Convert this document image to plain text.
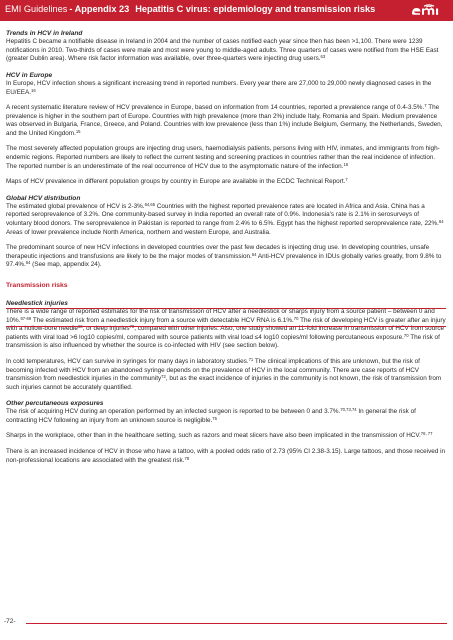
EMI Guidelines - Appendix 23 Hepatitis C virus: epidemiology and transmission risks
Trends in HCV in Ireland

Hepatitis C became a notifiable disease in Ireland in 2004 and the number of cases notified each year since then has been >1,100. There were 1239 notifications in 2010. Two-thirds of cases were male and most were young to middle-aged adults. Three quarters of cases were notified from the HSE East (greater Dublin area). Where risk factor information was available, over three-quarters were injecting drug users.$^{63}$

HCV in Europe

In Europe, HCV infection shows a significant increasing trend in reported numbers. Every year there are 27,000 to 29,000 newly diagnosed cases in the EU/EEA.$^{16}$

A recent systematic literature review of HCV prevalence in Europe, based on information from 14 countries, reported a prevalence range of 0.4-3.5%.$^7$ The prevalence is higher in the southern part of Europe. Countries with high prevalence (more than 2%) include Italy, Romania and Spain. Medium prevalence was observed in Bulgaria, France, Greece, and Poland. Countries with low prevalence (less than 1%) include Belgium, Germany, the Netherlands, Sweden, and the United Kingdom.$^{15}$

The most severely affected population groups are injecting drug users, haemodialysis patients, persons living with HIV, inmates, and immigrants from high-endemic regions. Reported numbers are likely to reflect the current testing and screening practices in countries rather than the real incidence of infection. The reported number is an underestimate of the real occurrence of HCV due to the asymptomatic nature of the infection.$^{16}$

Maps of HCV prevalence in different population groups by country in Europe are available in the ECDC Technical Report.$^7$

Global HCV distribution

The estimated global prevalence of HCV is 2-3%.$^{64,65}$ Countries with the highest reported prevalence rates are located in Africa and Asia. China has a reported seroprevalence of 3.2%. One community-based survey in India reported an overall rate of 0.9%. Indonesia's rate is 2.1% in serosurveys of voluntary blood donors. The seroprevalence in Pakistan is reported to range from 2.4% to 6.5%. Egypt has the highest reported seroprevalence rate, 22%.$^{64}$ Areas of lower prevalence include North America, northern and western Europe, and Australia.

The predominant source of new HCV infections in developed countries over the past few decades is injecting drug use. In developing countries, unsafe therapeutic injections and transfusions are likely to be the major modes of transmission.$^{64}$ Anti-HCV prevalence in IDUs globally varies greatly, from 9.8% to 97.4%.$^{64}$ (See map, appendix 24).

Transmission risks
Needlestick injuries

There is a wide range of reported estimates for the risk of transmission of HCV after a needlestick or sharps injury from a source patient – between 0 and 10%.$^{67-69}$ The estimated risk from a needlestick injury from a source with detectable HCV RNA is 6.1%.$^{70}$ The risk of developing HCV is greater after an injury with a hollow-bore needle$^{68}$, or deep injuries$^{70}$, compared with other injuries. Also, one study showed an 11-fold increase in transmission of HCV from source patients with viral load >6 log10 copies/ml, compared with source patients with viral load ≤4 log10 copies/ml following percutaneous exposure.$^{70}$ The risk of transmission is also influenced by whether the source is co-infected with HIV (see section below).

In cold temperatures, HCV can survive in syringes for many days in laboratory studies.$^{71}$ The clinical implications of this are unknown, but the risk of becoming infected with HCV from an abandoned syringe depends on the prevalence of HCV in the local community. There are case reports of HCV transmission from needlestick injuries in the community$^{72}$, but as the exact incidence of injuries in the community is not known, the risk of transmission from such injuries cannot be accurately quantified.

Other percutaneous exposures

The risk of acquiring HCV during an operation performed by an infected surgeon is reported to be between 0 and 3.7%.$^{70,73,74}$ In general the risk of contracting HCV following an injury from an unknown source is negligible.$^{75}$

Sharps in the workplace, other than in the healthcare setting, such as razors and meat slicers have also been implicated in the transmission of HCV.$^{76, 77}$

There is an increased incidence of HCV in those who have a tattoo, with a pooled odds ratio of 2.73 (95% CI 2.38-3.15). Large tattoos, and those received in non-professional locations are associated with the greatest risk.$^{78}$

-72-
